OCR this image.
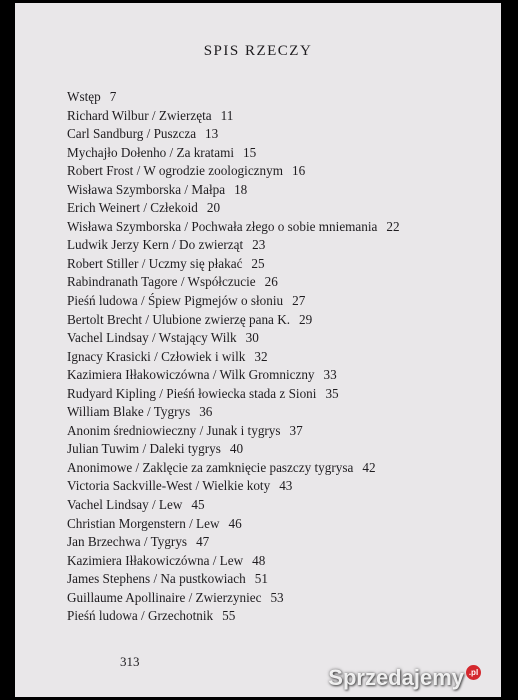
SPIS RZECZY
Wstęp 7
Richard Wilbur / Zwierzęta 11
Carl Sandburg / Puszcza 13
Mychajło Dołenho / Za kratami 15
Robert Frost / W ogrodzie zoologicznym 16
Wisława Szymborska / Małpa 18
Erich Weinert / Człekoid 20
Wisława Szymborska / Pochwała złego o sobie mniemania 22
Ludwik Jerzy Kern / Do zwierząt 23
Robert Stiller / Uczmy się płakać 25
Rabindranath Tagore / Współczucie 26
Pieśń ludowa / Śpiew Pigmejów o słoniu 27
Bertolt Brecht / Ulubione zwierzę pana K. 29
Vachel Lindsay / Wstający Wilk 30
Ignacy Krasicki / Człowiek i wilk 32
Kazimiera Iłłakowiczówna / Wilk Gromniczny 33
Rudyard Kipling / Pieśń łowiecka stada z Sioni 35
William Blake / Tygrys 36
Anonim średniowieczny / Junak i tygrys 37
Julian Tuwim / Daleki tygrys 40
Anonimowe / Zaklęcie za zamknięcie paszczy tygrysa 42
Victoria Sackville-West / Wielkie koty 43
Vachel Lindsay / Lew 45
Christian Morgenstern / Lew 46
Jan Brzechwa / Tygrys 47
Kazimiera Iłłakowiczówna / Lew 48
James Stephens / Na pustkowiach 51
Guillaume Apollinaire / Zwierzyniec 53
Pieśń ludowa / Grzechotnik 55
313
Sprzedajemy .pl
